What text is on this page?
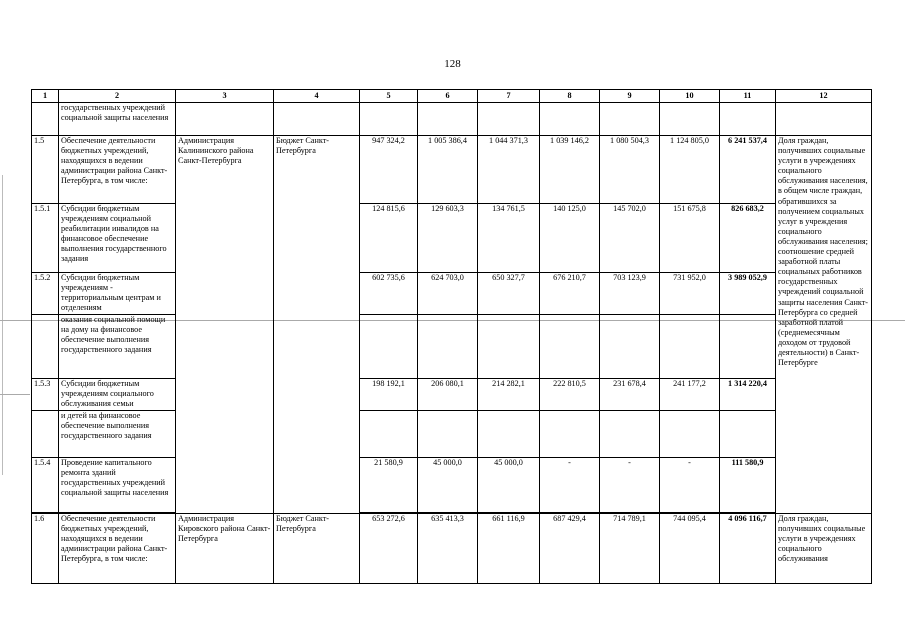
128
1	2	3	4	5	6	7	8	9	10	11	12
	государственных учреждений социальной защиты населения										
1.5	Обеспечение деятельности бюджетных учреждений, находящихся в ведении администрации района Санкт-Петербурга, в том числе:	Администрация Калининского района Санкт-Петербурга	Бюджет Санкт-Петербурга	947 324,2	1 005 386,4	1 044 371,3	1 039 146,2	1 080 504,3	1 124 805,0	6 241 537,4	Доля граждан, получивших социальные услуги в учреждениях социального обслуживания населения, в общем числе граждан, обратившихся за получением социальных услуг в учреждения социального обслуживания населения; соотношение средней заработной платы социальных работников государственных учреждений социальной защиты населения Санкт-Петербурга со средней заработной платой (среднемесячным доходом от трудовой деятельности) в Санкт-Петербурге
1.5.1	Субсидии бюджетным учреждениям социальной реабилитации инвалидов на финансовое обеспечение выполнения государственного задания			124 815,6	129 603,3	134 761,5	140 125,0	145 702,0	151 675,8	826 683,2	
1.5.2	Субсидии бюджетным учреждениям - территориальным центрам и отделениям			602 735,6	624 703,0	650 327,7	676 210,7	703 123,9	731 952,0	3 989 052,9	
	оказания социальной помощи на дому на финансовое обеспечение выполнения государственного задания										
1.5.3	Субсидии бюджетным учреждениям социального обслуживания семьи			198 192,1	206 080,1	214 282,1	222 810,5	231 678,4	241 177,2	1 314 220,4	
	и детей на финансовое обеспечение выполнения государственного задания										
1.5.4	Проведение капитального ремонта зданий государственных учреждений социальной защиты населения			21 580,9	45 000,0	45 000,0	-	-	-	111 580,9	

1.6	Обеспечение деятельности бюджетных учреждений, находящихся в ведении администрации района Санкт-Петербурга, в том числе:	Администрация Кировского района Санкт-Петербурга	Бюджет Санкт-Петербурга	653 272,6	635 413,3	661 116,9	687 429,4	714 789,1	744 095,4	4 096 116,7	Доля граждан, получивших социальные услуги в учреждениях социального обслуживания
